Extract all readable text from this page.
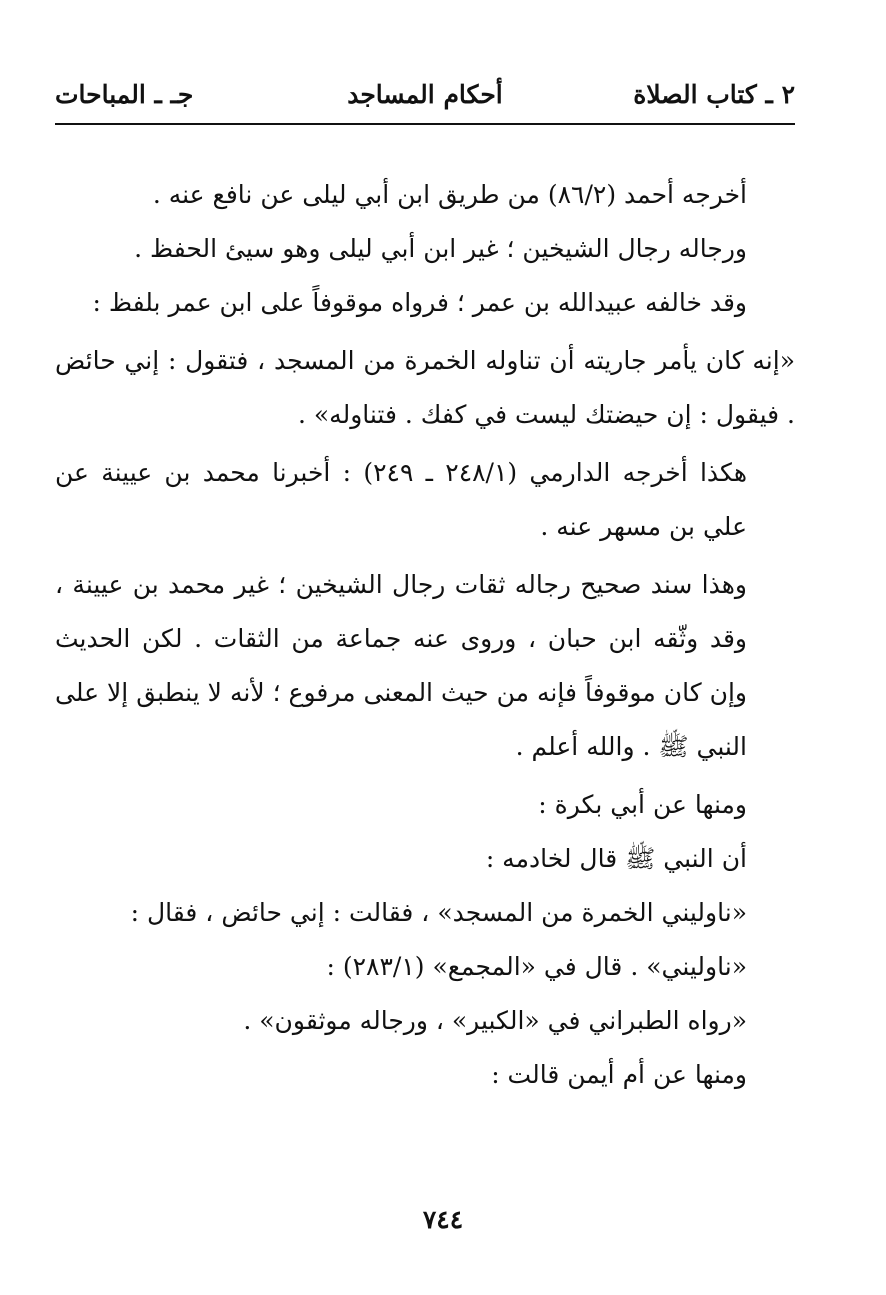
٢ ـ كتاب الصلاة
أحكام المساجد
جـ ـ المباحات

أخرجه أحمد (٨٦/٢) من طريق ابن أبي ليلى عن نافع عنه .

ورجاله رجال الشيخين ؛ غير ابن أبي ليلى وهو سيئ الحفظ .

وقد خالفه عبيدالله بن عمر ؛ فرواه موقوفاً على ابن عمر بلفظ :

«إنه كان يأمر جاريته أن تناوله الخمرة من المسجد ، فتقول : إني حائض . فيقول : إن حيضتك ليست في كفك . فتناوله» .

هكذا أخرجه الدارمي (٢٤٨/١ ـ ٢٤٩) : أخبرنا محمد بن عيينة عن علي بن مسهر عنه .

وهذا سند صحيح رجاله ثقات رجال الشيخين ؛ غير محمد بن عيينة ، وقد وثّقه ابن حبان ، وروى عنه جماعة من الثقات . لكن الحديث وإن كان موقوفاً فإنه من حيث المعنى مرفوع ؛ لأنه لا ينطبق إلا على النبي ﷺ . والله أعلم .

ومنها عن أبي بكرة :

أن النبي ﷺ قال لخادمه :

«ناوليني الخمرة من المسجد» ، فقالت : إني حائض ، فقال :

«ناوليني» . قال في «المجمع» (٢٨٣/١) :

«رواه الطبراني في «الكبير» ، ورجاله موثقون» .

ومنها عن أم أيمن قالت :

٧٤٤
